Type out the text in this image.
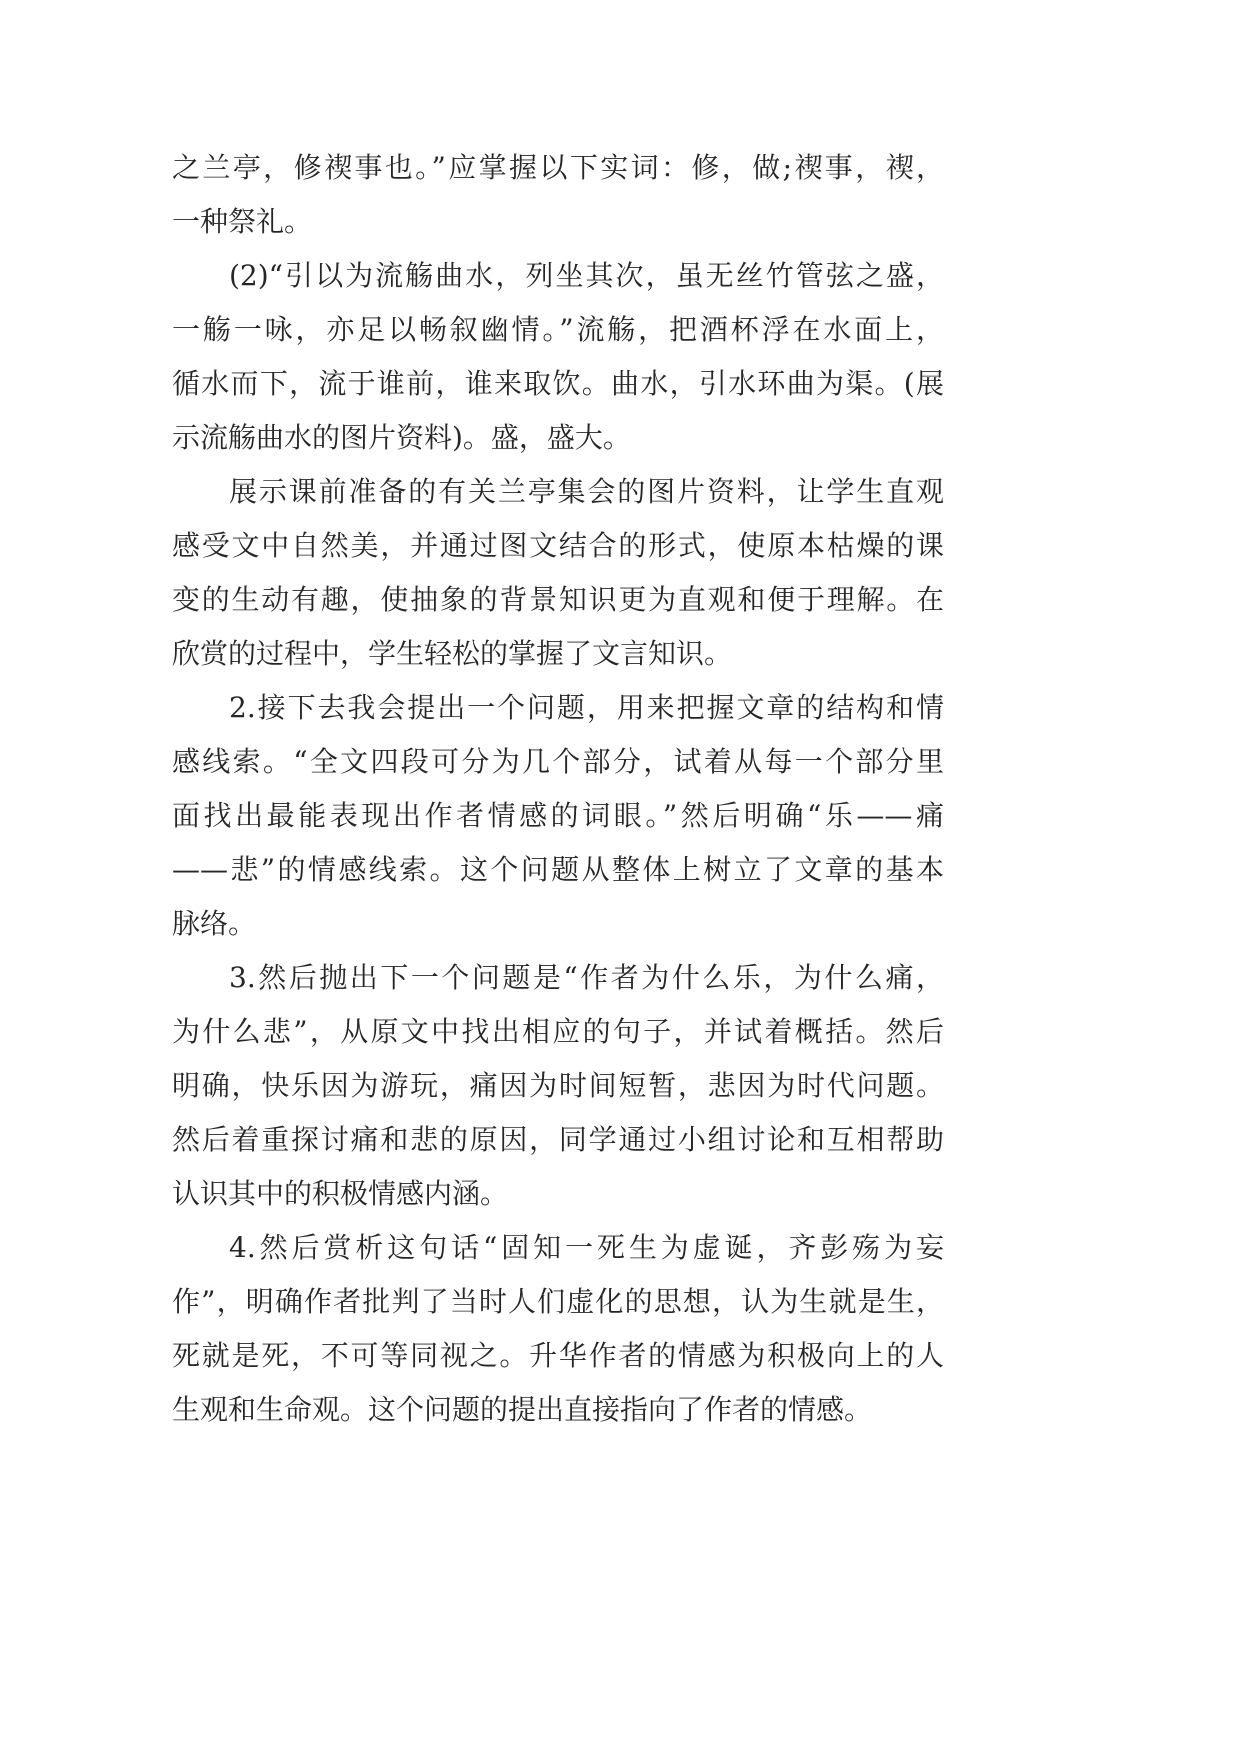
之兰亭，修禊事也。”应掌握以下实词：修，做;禊事，禊，
一种祭礼。
(2)“引以为流觞曲水，列坐其次，虽无丝竹管弦之盛，
一觞一咏，亦足以畅叙幽情。”流觞，把酒杯浮在水面上，
循水而下，流于谁前，谁来取饮。曲水，引水环曲为渠。(展
示流觞曲水的图片资料)。盛，盛大。
展示课前准备的有关兰亭集会的图片资料，让学生直观
感受文中自然美，并通过图文结合的形式，使原本枯燥的课
变的生动有趣，使抽象的背景知识更为直观和便于理解。在
欣赏的过程中，学生轻松的掌握了文言知识。
2.接下去我会提出一个问题，用来把握文章的结构和情
感线索。“全文四段可分为几个部分，试着从每一个部分里
面找出最能表现出作者情感的词眼。”然后明确“乐——痛
——悲”的情感线索。这个问题从整体上树立了文章的基本
脉络。
3.然后抛出下一个问题是“作者为什么乐，为什么痛，
为什么悲”，从原文中找出相应的句子，并试着概括。然后
明确，快乐因为游玩，痛因为时间短暂，悲因为时代问题。
然后着重探讨痛和悲的原因，同学通过小组讨论和互相帮助
认识其中的积极情感内涵。
4.然后赏析这句话“固知一死生为虚诞，齐彭殇为妄
作”，明确作者批判了当时人们虚化的思想，认为生就是生，
死就是死，不可等同视之。升华作者的情感为积极向上的人
生观和生命观。这个问题的提出直接指向了作者的情感。
